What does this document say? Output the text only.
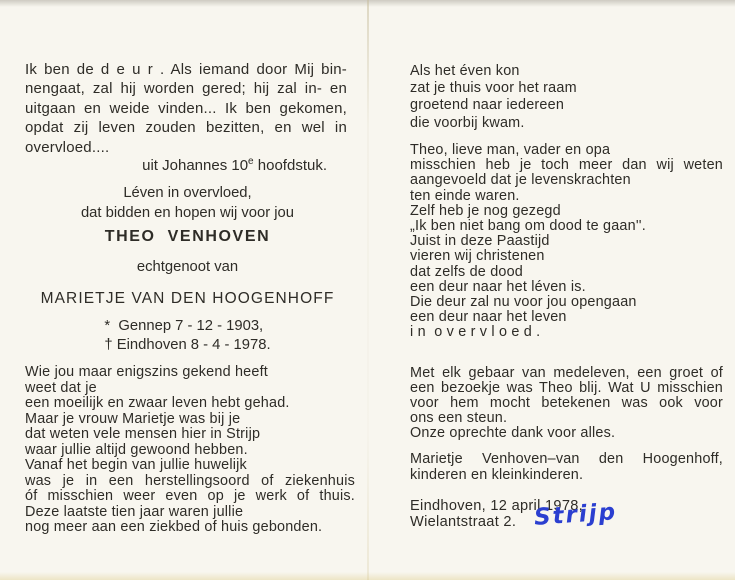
Ik ben de d e u r . Als iemand door Mij bin-
nengaat, zal hij worden gered; hij zal in- en
uitgaan en weide vinden... Ik ben gekomen,
opdat zij leven zouden bezitten, en wel in
overvloed....
uit Johannes 10e hoofdstuk.
Léven in overvloed,
dat bidden en hopen wij voor jou
THEO  VENHOVEN
echtgenoot van
MARIETJE VAN DEN HOOGENHOFF
*  Gennep 7 - 12 - 1903,
† Eindhoven 8 - 4 - 1978.
Wie jou maar enigszins gekend heeft
weet dat je
een moeilijk en zwaar leven hebt gehad.
Maar je vrouw Marietje was bij je
dat weten vele mensen hier in Strijp
waar jullie altijd gewoond hebben.
Vanaf het begin van jullie huwelijk
was je in een herstellingsoord of ziekenhuis
óf misschien weer even op je werk of thuis.
Deze laatste tien jaar waren jullie
nog meer aan een ziekbed of huis gebonden.
Als het éven kon
zat je thuis voor het raam
groetend naar iedereen
die voorbij kwam.
Theo, lieve man, vader en opa
misschien heb je toch meer dan wij weten
aangevoeld dat je levenskrachten
ten einde waren.
Zelf heb je nog gezegd
„Ik ben niet bang om dood te gaan''.
Juist in deze Paastijd
vieren wij christenen
dat zelfs de dood
een deur naar het léven is.
Die deur zal nu voor jou opengaan
een deur naar het leven
i n  o v e r v l o e d .
Met elk gebaar van medeleven, een groet of
een bezoekje was Theo blij. Wat U misschien
voor hem mocht betekenen was ook voor
ons een steun.
Onze oprechte dank voor alles.
Marietje Venhoven–van den Hoogenhoff,
kinderen en kleinkinderen.
Eindhoven, 12 april 1978,
Wielantstraat 2. Strijp
